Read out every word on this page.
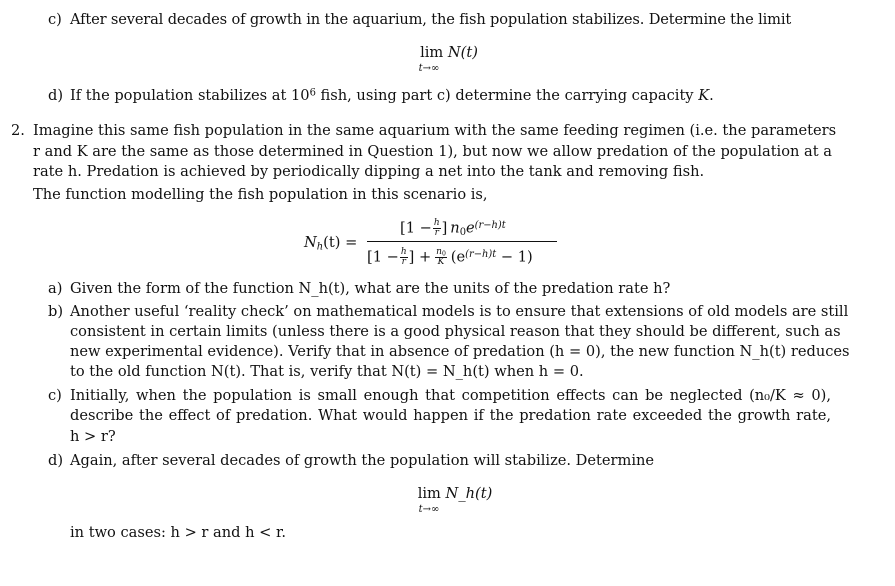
c) After several decades of growth in the aquarium, the fish population stabilizes. Determine the limit
lim N(t)
t→∞
d) If the population stabilizes at $10^6$ fish, using part c) determine the carrying capacity K.
2. Imagine this same fish population in the same aquarium with the same feeding regimen (i.e. the parameters
r and K are the same as those determined in Question 1), but now we allow predation of the population at a
rate h. Predation is achieved by periodically dipping a net into the tank and removing fish.
The function modelling the fish population in this scenario is,
$N_h(t)$ =
[$1 - \frac{h}{r}$ ]  $n_0e^{(r-h)t}$
[$1 - \frac{h}{r}$ ] +  $\frac{n_0}{K}$
  $(e^{(r-h)t} - 1)$
a) Given the form of the function N_h(t), what are the units of the predation rate h?
b) Another useful ‘reality check’ on mathematical models is to ensure that extensions of old models are still
consistent in certain limits (unless there is a good physical reason that they should be different, such as
new experimental evidence). Verify that in absence of predation (h = 0), the new function N_h(t) reduces
to the old function N(t). That is, verify that N(t) = N_h(t) when h = 0.
c) Initially, when the population is small enough that competition effects can be neglected (n₀/K ≈ 0),
describe the effect of predation. What would happen if the predation rate exceeded the growth rate,
h > r?
d) Again, after several decades of growth the population will stabilize. Determine
lim N_h(t)
t→∞
in two cases: h > r and h < r.
